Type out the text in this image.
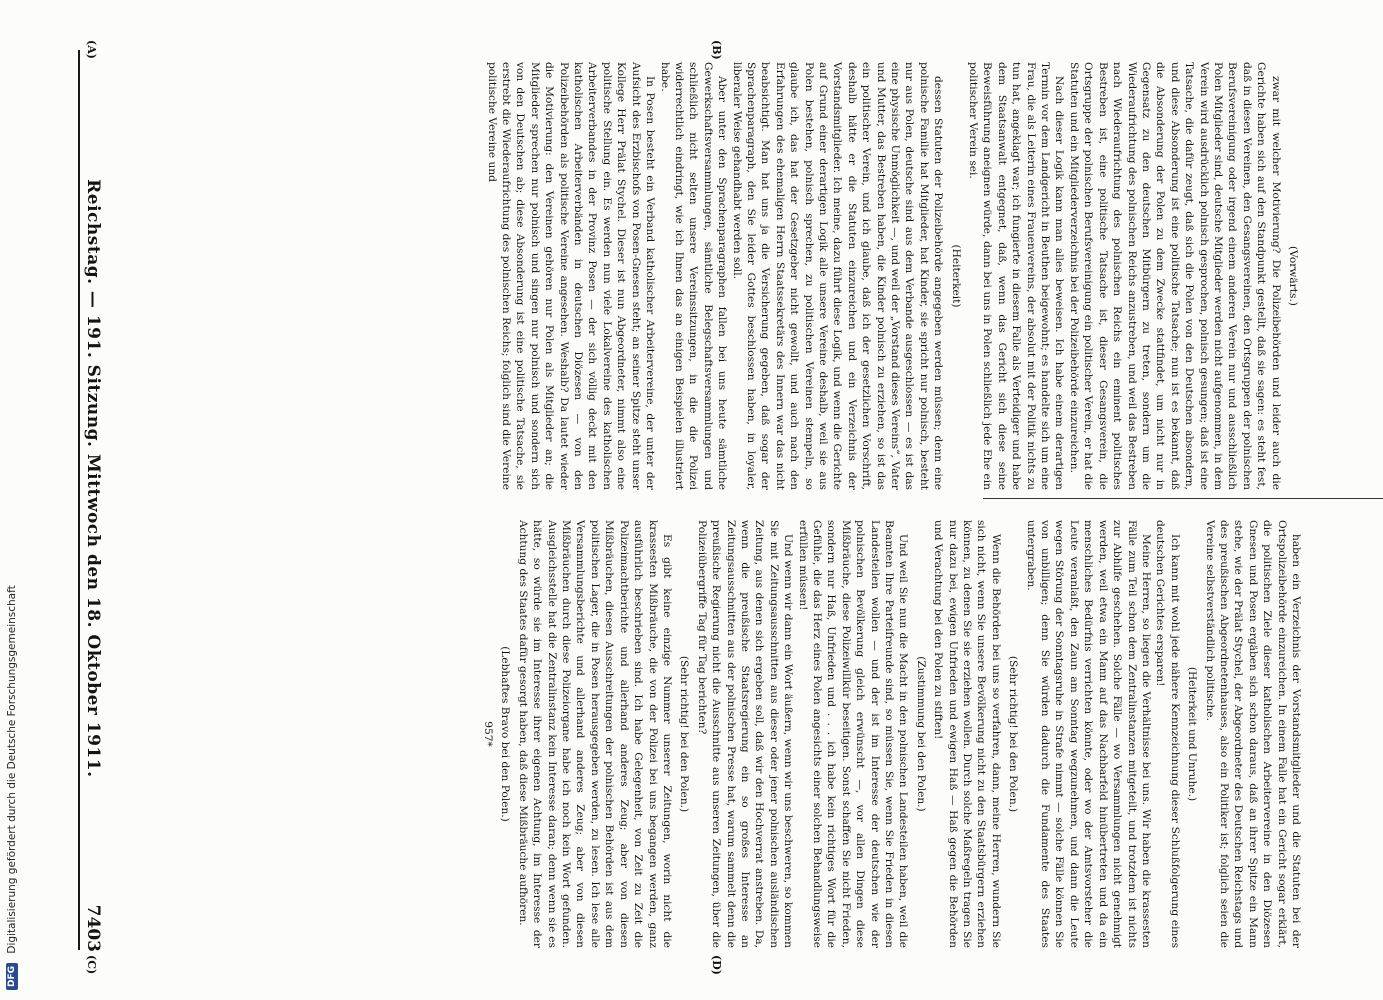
Reichstag. — 191. Sitzung. Mittwoch den 18. Oktober 1911.
7403
(A)	(B)
(C)	(D)

(Vorwärts.)

zwar mit welcher Motivierung? Die Polizeibehörden und leider auch die Gerichte haben sich auf den Standpunkt gestellt, daß sie sagen: es steht fest, daß in diesen Vereinen, den Gesangsvereinen, den Ortsgruppen der polnischen Berufsvereinigung oder irgend einem anderen Verein nur und ausschließlich Polen Mitglieder sind, deutsche Mitglieder werden nicht aufgenommen, in dem Verein wird ausdrücklich polnisch gesprochen, polnisch gesungen; daß ist eine Tatsache, die dafür zeugt, daß sich die Polen von den Deutschen absondern, und diese Absonderung ist eine politische Tatsache; nun ist es bekannt, daß die Absonderung der Polen zu dem Zwecke stattfindet, um nicht nur in Gegensatz zu den deutschen Mitbürgern zu treten, sondern um die Wiederaufrichtung des polnischen Reichs anzustreben, und weil das Bestreben nach Wiederaufrichtung des polnischen Reichs ein eminent politisches Bestreben ist, eine politische Tatsache ist, dieser Gesangsverein, die Ortsgruppe der polnischen Berufsvereinigung ein politischer Verein, er hat die Statuten und ein Mitgliederverzeichnis bei der Polizeibehörde einzureichen.

Nach dieser Logik kann man alles beweisen. Ich habe einem derartigen Termin vor dem Landgericht in Beuthen beigewohnt; es handelte sich um eine Frau, die als Leiterin eines Frauenvereins, der absolut mit der Politik nichts zu tun hat, angeklagt war; ich fungierte in diesem Falle als Verteidiger und habe dem Staatsanwalt entgegnet, daß, wenn das Gericht sich diese seine Beweisführung aneignen würde, dann bei uns in Polen schließlich jede Ehe ein politischer Verein sei.

(Heiterkeit)

dessen Statuten der Polizeibehörde angegeben werden müssen; denn eine polnische Familie hat Mitglieder, hat Kinder, sie spricht nur polnisch, besteht nur aus Polen, deutsche sind aus dem Verbande ausgeschlossen — es ist das eine physische Unmöglichkeit —, und weil der „Vorstand dieses Vereins“, Vater und Mutter, das Bestreben haben, die Kinder polnisch zu erziehen, so ist das ein politischer Verein, und ich glaube, daß ich der gesetzlichen Vorschrift, deshalb hätte er die Statuten einzureichen und ein Verzeichnis der Vorstandsmitglieder. Ich meine, dazu führt diese Logik, und wenn die Gerichte auf Grund einer derartigen Logik alle unsere Vereine deshalb, weil sie aus Polen bestehen, polnisch sprechen, zu politischen Vereinen stempeln, so glaube ich, das hat der Gesetzgeber nicht gewollt, und auch nach den Erfahrungen des ehemaligen Herrn Staatssekretärs des Innern war das nicht beabsichtigt. Man hat uns ja die Versicherung gegeben, daß sogar der Sprachenparagraph, den Sie leider Gottes beschlossen haben, in loyaler, liberaler Weise gehandhabt werden soll.

Aber unter den Sprachenparagraphen fallen bei uns heute sämtliche Gewerkschaftsversammlungen, sämtliche Belegschaftsversammlungen und schließlich nicht selten unsere Vereinssitzungen, in die die Polizei widerrechtlich eindringt, wie ich Ihnen das an einigen Beispielen illustriert habe.

In Posen besteht ein Verband katholischer Arbeitervereine, der unter der Aufsicht des Erzbischofs von Posen-Gnesen steht; an seiner Spitze steht unser Kollege Herr Prälat Stychel. Dieser ist nun Abgeordneter, nimmt also eine politische Stellung ein. Es werden nun viele Lokalvereine des katholischen Arbeiterverbandes in der Provinz Posen — der sich völlig deckt mit den katholischen Arbeiterverbänden in deutschen Diözesen — von den Polizeibehörden als politische Vereine angesehen. Weshalb? Da lautet wieder die Motivierung: den Vereinen gehören nur Polen als Mitglieder an; die Mitglieder sprechen nur polnisch und singen nur polnisch und sondern sich von den Deutschen ab; diese Absonderung ist eine politische Tatsache, sie erstrebt die Wiederaufrichtung des polnischen Reichs; folglich sind die Vereine politische Vereine und

haben ein Verzeichnis der Vorstandsmitglieder und die Statuten bei der Ortspolizeibehörde einzureichen. In einem Falle hat ein Gericht sogar erklärt, die politischen Ziele dieser katholischen Arbeitervereine in den Diözesen Gnesen und Posen ergäben sich schon daraus, daß an ihrer Spitze ein Mann stehe, wie der Prälat Stychel, der Abgeordneter des Deutschen Reichstags und des preußischen Abgeordnetenhauses, also ein Politiker ist; folglich seien die Vereine selbstverständlich politische.

(Heiterkeit und Unruhe.)

Ich kann mit wohl jede nähere Kennzeichnung dieser Schlußfolgerung eines deutschen Gerichtes ersparen!

Meine Herren, so liegen die Verhältnisse bei uns. Wir haben die krassesten Fälle zum Teil schon dem Zentralinstanzen mitgeteilt, und trotzdem ist nichts zur Abhilfe geschehen. Solche Fälle — wo Versammlungen nicht genehmigt werden, weil etwa ein Mann auf das Nachbarfeld hinübertreten und da ein menschliches Bedürfnis verrichten könnte, oder wo der Amtsvorsteher die Leute veranlaßt, den Zaun am Sonntag wegzunehmen, und dann die Leute wegen Störung der Sonntagsruhe in Strafe nimmt — solche Fälle können Sie von unbilligen; denn Sie würden dadurch die Fundamente des Staates untergraben.

(Sehr richtig! bei den Polen.)

Wenn die Behörden bei uns so verfahren, dann, meine Herren, wundern Sie sich nicht, wenn Sie unsere Bevölkerung nicht zu den Staatsbürgern erziehen können, zu denen Sie sie erziehen wollen. Durch solche Maßregeln tragen Sie nur dazu bei, ewigen Unfrieden und ewigen Haß — Haß gegen die Behörden und Verachtung bei den Polen zu stiften!

(Zustimmung bei den Polen.)

Und weil Sie nun die Macht in den polnischen Landesteilen haben, weil die Beamten Ihre Parteifreunde sind, so müssen Sie, wenn Sie Frieden in diesen Landesteilen wollen — und der ist im Interesse der deutschen wie der polnischen Bevölkerung gleich erwünscht —, vor allen Dingen diese Mißbräuche, diese Polizeiwillkür beseitigen. Sonst schaffen Sie nicht Frieden, sondern nur Haß, Unfrieden und . . . ich habe kein richtiges Wort für die Gefühle, die das Herz eines Polen angesichts einer solchen Behandlungsweise erfüllen müssen!

Und wenn wir dann ein Wort äußern, wenn wir uns beschweren, so kommen Sie mit Zeitungsausschnitten aus dieser oder jener polnischen ausländischen Zeitung, aus denen sich ergeben soll, daß wir den Hochverrat anstreben. Da, wenn die preußische Staatsregierung ein so großes Interesse an Zeitungsausschnitten aus der polnischen Presse hat, warum sammelt denn die preußische Regierung nicht die Ausschnitte aus unseren Zeitungen, über die Polizeiübergriffe Tag für Tag berichten?

(Sehr richtig! bei den Polen.)

Es gibt keine einzige Nummer unserer Zeitungen, worin nicht die krassesten Mißbräuche, die von der Polizei bei uns begangen werden, ganz ausführlich beschrieben sind. Ich habe Gelegenheit, von Zeit zu Zeit die Polizeimachtberichte und allerhand anderes Zeug; aber von diesen Mißbräuchen, diesen Ausschreitungen der polnischen Behörden ist aus dem politischen Lager, die in Posen herausgegeben werden, zu lesen. Ich lese alle Versammlungsberichte und allerhand anderes Zeug; aber von diesen Mißbräuchen durch diese Polizeiorgane habe ich noch kein Wort gefunden. Ausgleichsstelle hat die Zentralinstanz kein Interesse daran; denn wenn sie es hätte, so würde sie im Interesse ihrer eigenen Achtung, im Interesse der Achtung des Staates dafür gesorgt haben, daß diese Mißbräuche aufhören.

(Lebhaftes Bravo bei den Polen.)

957*

DFG Digitalisierung gefördert durch die Deutsche Forschungsgemeinschaft
